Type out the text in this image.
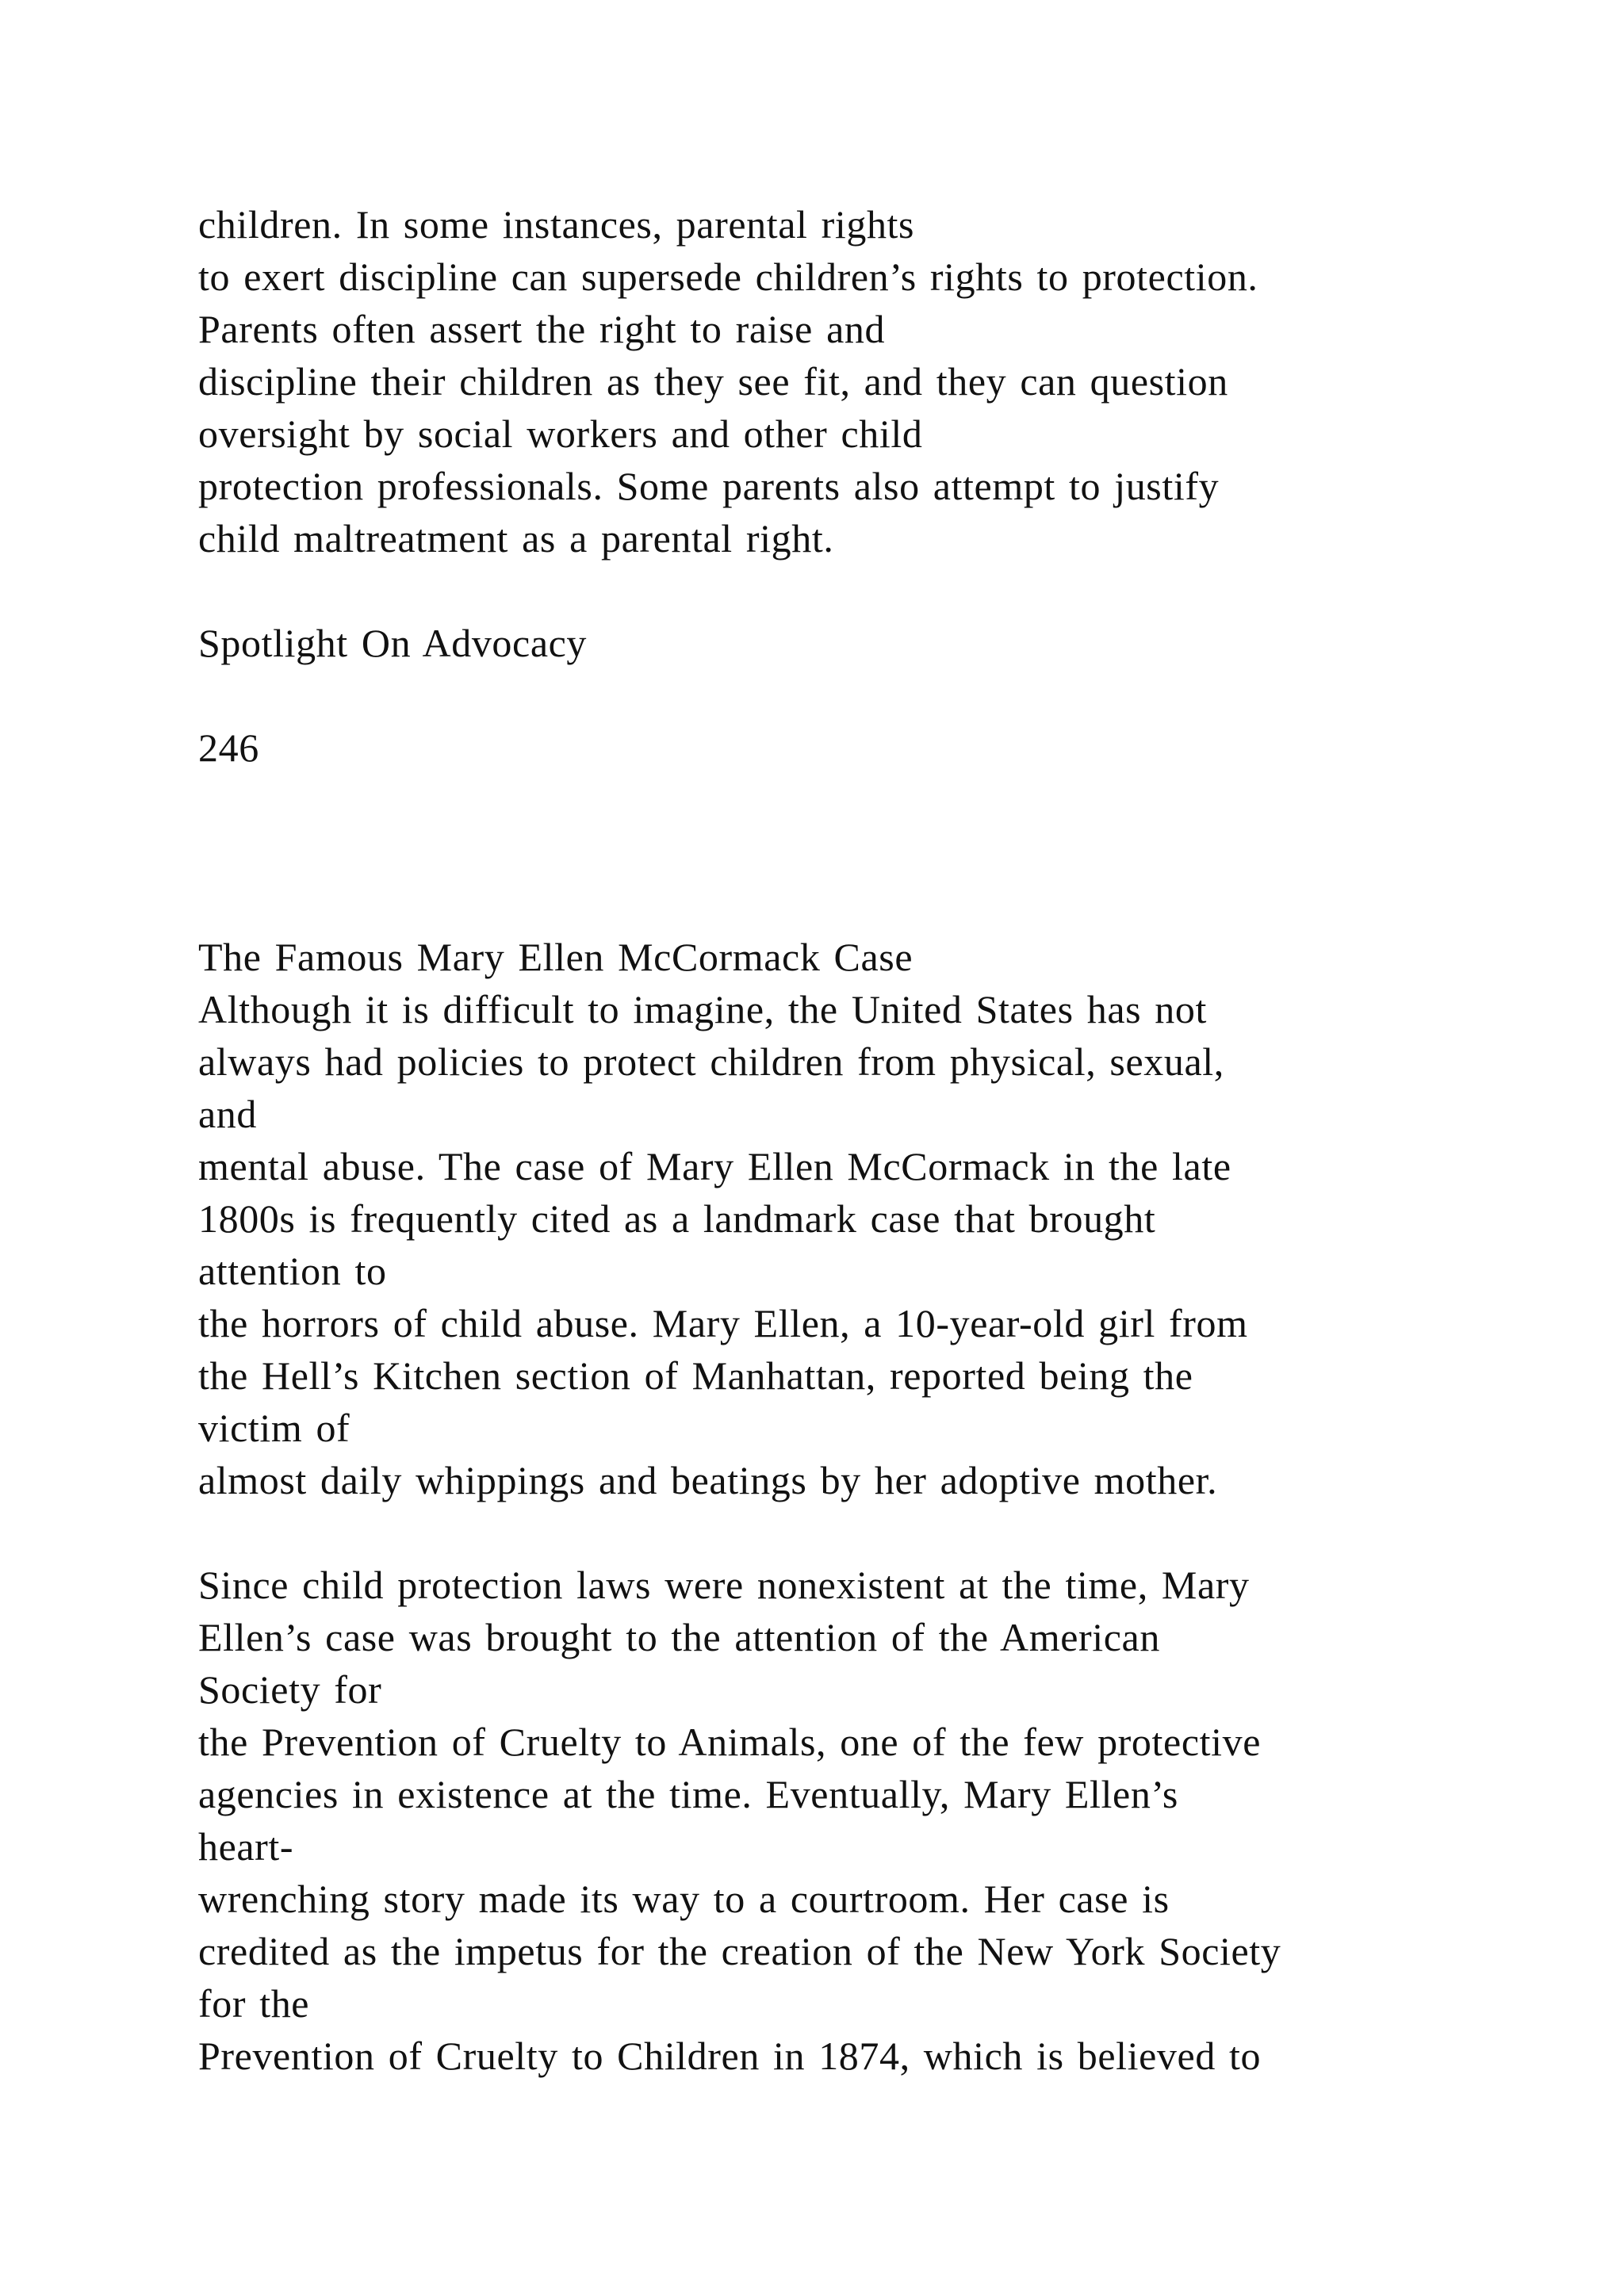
children. In some instances, parental rights
to exert discipline can supersede children’s rights to protection.
Parents often assert the right to raise and
discipline their children as they see fit, and they can question
oversight by social workers and other child
protection professionals. Some parents also attempt to justify
child maltreatment as a parental right.
Spotlight On Advocacy
246
The Famous Mary Ellen McCormack Case
Although it is difficult to imagine, the United States has not
always had policies to protect children from physical, sexual,
and
mental abuse. The case of Mary Ellen McCormack in the late
1800s is frequently cited as a landmark case that brought
attention to
the horrors of child abuse. Mary Ellen, a 10-year-old girl from
the Hell’s Kitchen section of Manhattan, reported being the
victim of
almost daily whippings and beatings by her adoptive mother.
Since child protection laws were nonexistent at the time, Mary
Ellen’s case was brought to the attention of the American
Society for
the Prevention of Cruelty to Animals, one of the few protective
agencies in existence at the time. Eventually, Mary Ellen’s
heart-
wrenching story made its way to a courtroom. Her case is
credited as the impetus for the creation of the New York Society
for the
Prevention of Cruelty to Children in 1874, which is believed to
